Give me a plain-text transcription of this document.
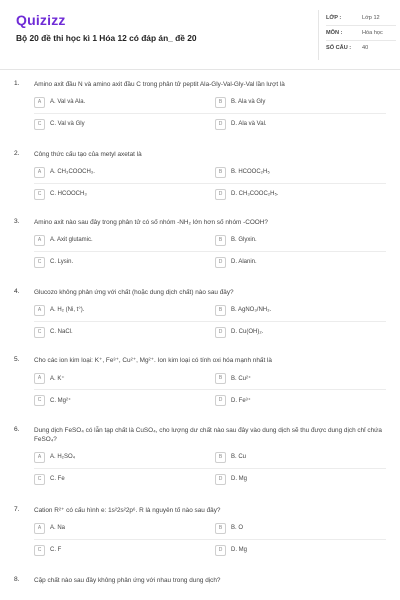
Quizizz
Bộ 20 đề thi học kì 1 Hóa 12 có đáp án_ đề 20
LỚP :	Lớp 12
MÔN :	Hóa học
SỐ CÂU : 40
1. Amino axit đầu N và amino axit đầu C trong phân tử peptit Ala-Gly-Val-Gly-Val lần lượt là
A	A. Val và Ala.	B	B. Ala và Gly
C	C. Val và Gly	D	D. Ala và Val.
2. Công thức cấu tạo của metyl axetat là
A	A. CH₃COOCH₃.	B	B. HCOOC₂H₅
C	C. HCOOCH₃	D	D. CH₃COOC₂H₅.
3. Amino axit nào sau đây trong phân tử có số nhóm -NH₂ lớn hơn số nhóm -COOH?
A	A. Axit glutamic.	B	B. Glyxin.
C	C. Lysin.	D	D. Alanin.
4. Glucozo không phản ứng với chất (hoặc dung dịch chất) nào sau đây?
A	A. H₂ (Ni, t°).	B	B. AgNO₃/NH₃.
C	C. NaCl.	D	D. Cu(OH)₂.
5. Cho các ion kim loại: K⁺, Fe³⁺, Cu²⁺, Mg²⁺. Ion kim loại có tính oxi hóa mạnh nhất là
A	A. K⁺	B	B. Cu²⁺
C	C. Mg²⁺	D	D. Fe³⁺
6. Dung dịch FeSO₄ có lẫn tạp chất là CuSO₄, cho lượng dư chất nào sau đây vào dung dịch sẽ thu được dung dịch chỉ chứa FeSO₄?
A	A. H₂SO₄	B	B. Cu
C	C. Fe	D	D. Mg
7. Cation R²⁺ có cấu hình e: 1s²2s²2p⁶. R là nguyên tố nào sau đây?
A	A. Na	B	B. O
C	C. F	D	D. Mg
8. Cặp chất nào sau đây không phản ứng với nhau trong dung dịch?
